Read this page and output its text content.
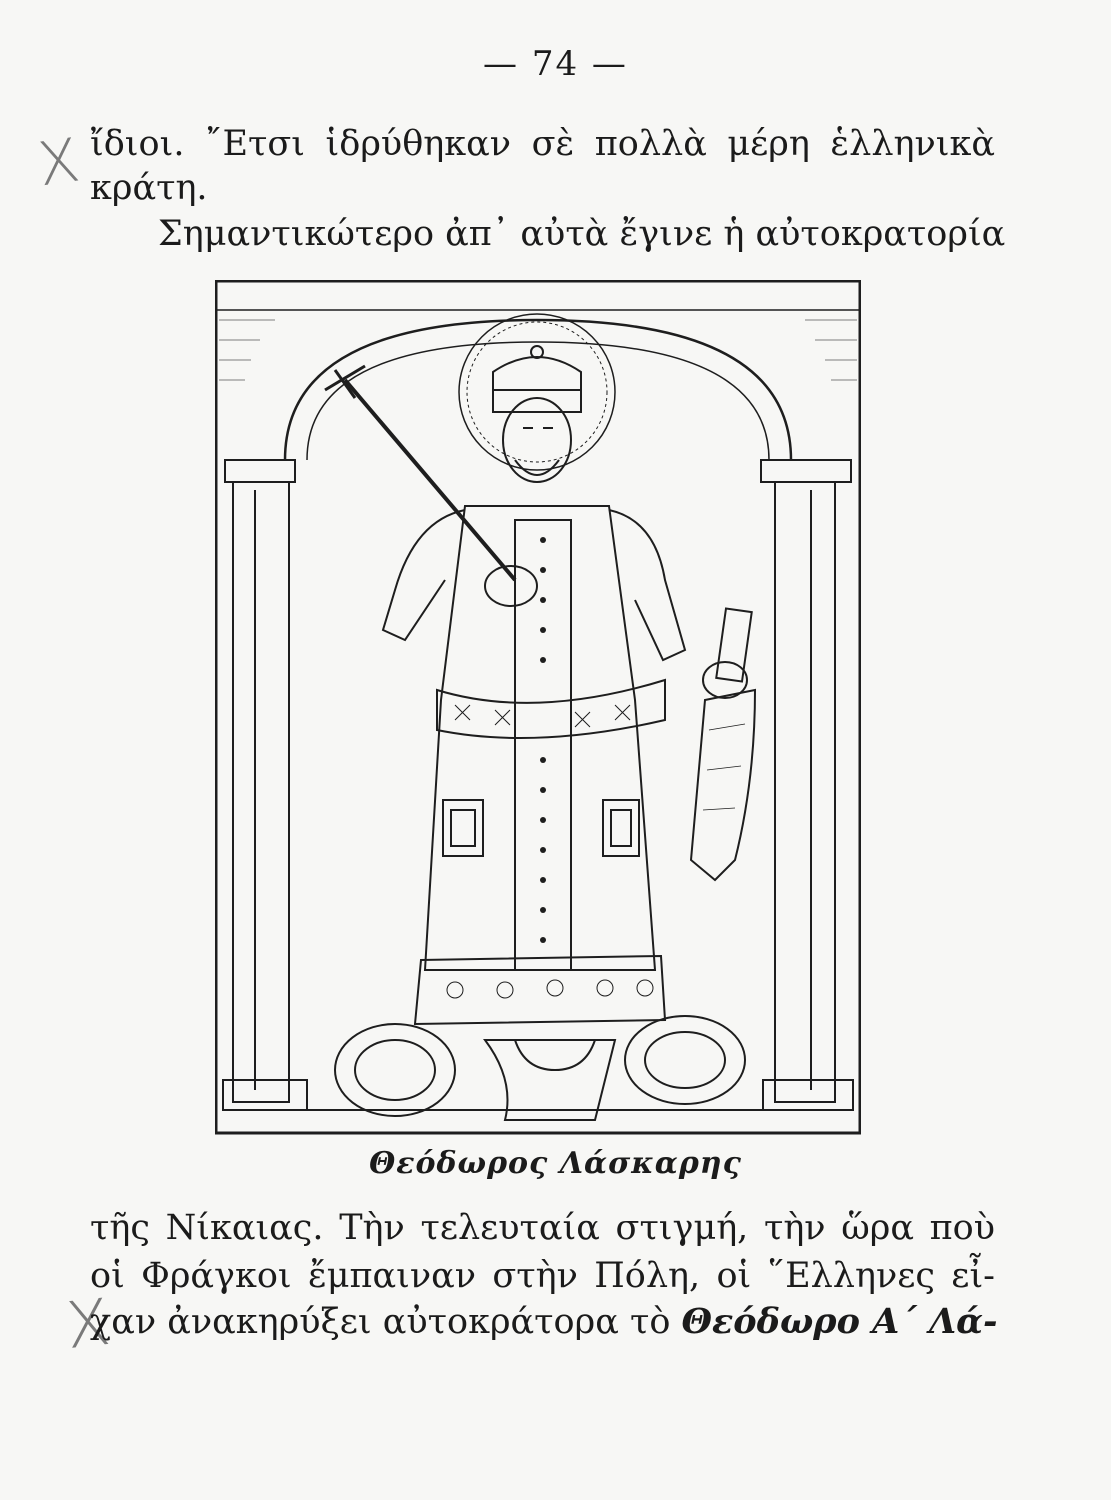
— 74 —
X ἴδιοι. ῎Ετσι ἱδρύθηκαν σὲ πολλὰ μέρη ἑλληνικὰ
κράτη.
Σημαντικώτερο ἀπ᾽ αὐτὰ ἔγινε ἡ αὐτοκρατορία
Θεόδωρος Λάσκαρης
τῆς Νίκαιας. Τὴν τελευταία στιγμή, τὴν ὥρα ποὺ
οἱ Φράγκοι ἔμπαιναν στὴν Πόλη, οἱ ῞Ελληνες εἶ-
X
χαν ἀνακηρύξει αὐτοκράτορα τὸ Θεόδωρο Α΄ Λά-
